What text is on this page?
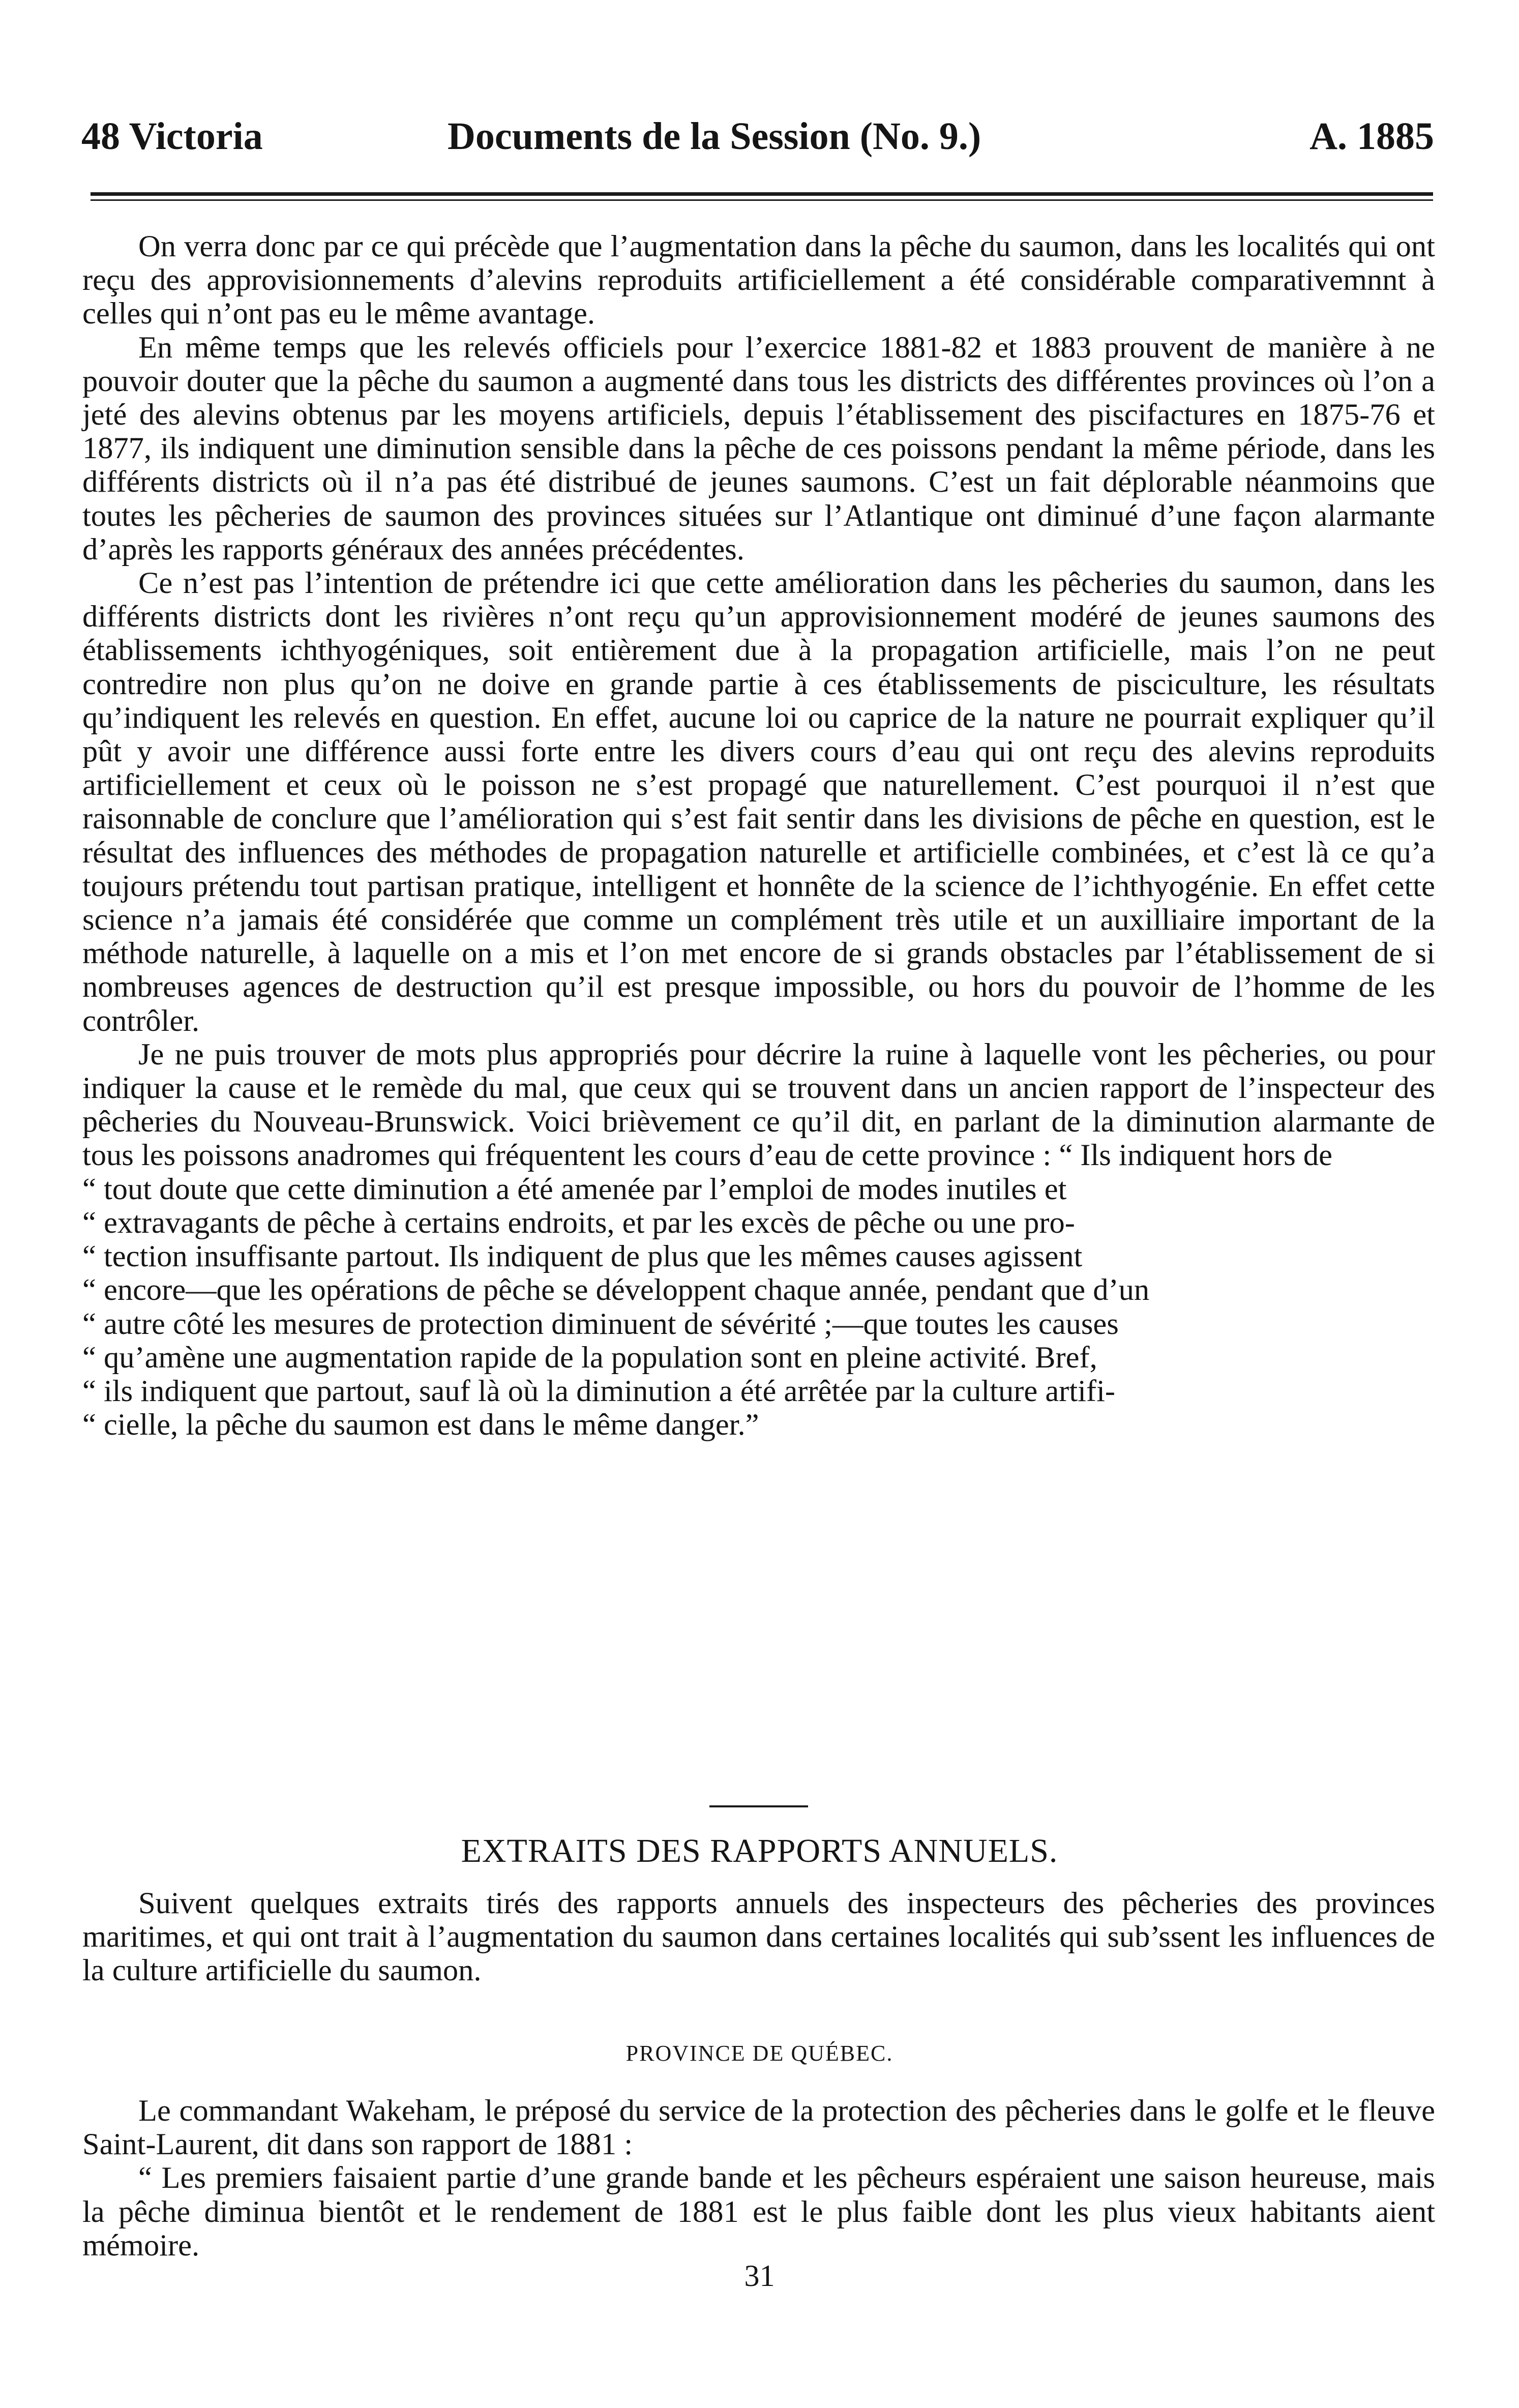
48 Victoria	Documents de la Session (No. 9.)	A. 1885

On verra donc par ce qui précède que l’augmentation dans la pêche du saumon, dans les localités qui ont reçu des approvisionnements d’alevins reproduits artificiellement a été considérable comparativemnnt à celles qui n’ont pas eu le même avantage.

En même temps que les relevés officiels pour l’exercice 1881-82 et 1883 prouvent de manière à ne pouvoir douter que la pêche du saumon a augmenté dans tous les districts des différentes provinces où l’on a jeté des alevins obtenus par les moyens artificiels, depuis l’établissement des piscifactures en 1875-76 et 1877, ils indiquent une diminution sensible dans la pêche de ces poissons pendant la même période, dans les différents districts où il n’a pas été distribué de jeunes saumons. C’est un fait déplorable néanmoins que toutes les pêcheries de saumon des provinces situées sur l’Atlantique ont diminué d’une façon alarmante d’après les rapports généraux des années précédentes.

Ce n’est pas l’intention de prétendre ici que cette amélioration dans les pêcheries du saumon, dans les différents districts dont les rivières n’ont reçu qu’un approvisionnement modéré de jeunes saumons des établissements ichthyogéniques, soit entièrement due à la propagation artificielle, mais l’on ne peut contredire non plus qu’on ne doive en grande partie à ces établissements de pisciculture, les résultats qu’indiquent les relevés en question. En effet, aucune loi ou caprice de la nature ne pourrait expliquer qu’il pût y avoir une différence aussi forte entre les divers cours d’eau qui ont reçu des alevins reproduits artificiellement et ceux où le poisson ne s’est propagé que naturellement. C’est pourquoi il n’est que raisonnable de conclure que l’amélioration qui s’est fait sentir dans les divisions de pêche en question, est le résultat des influences des méthodes de propagation naturelle et artificielle combinées, et c’est là ce qu’a toujours prétendu tout partisan pratique, intelligent et honnête de la science de l’ichthyogénie. En effet cette science n’a jamais été considérée que comme un complément très utile et un auxilliaire important de la méthode naturelle, à laquelle on a mis et l’on met encore de si grands obstacles par l’établissement de si nombreuses agences de destruction qu’il est presque impossible, ou hors du pouvoir de l’homme de les contrôler.

Je ne puis trouver de mots plus appropriés pour décrire la ruine à laquelle vont les pêcheries, ou pour indiquer la cause et le remède du mal, que ceux qui se trouvent dans un ancien rapport de l’inspecteur des pêcheries du Nouveau-Brunswick. Voici brièvement ce qu’il dit, en parlant de la diminution alarmante de tous les poissons anadromes qui fréquentent les cours d’eau de cette province : “ Ils indiquent hors de

“ tout doute que cette diminution a été amenée par l’emploi de modes inutiles et

“ extravagants de pêche à certains endroits, et par les excès de pêche ou une pro-

“ tection insuffisante partout. Ils indiquent de plus que les mêmes causes agissent

“ encore—que les opérations de pêche se développent chaque année, pendant que d’un

“ autre côté les mesures de protection diminuent de sévérité ;—que toutes les causes

“ qu’amène une augmentation rapide de la population sont en pleine activité. Bref,

“ ils indiquent que partout, sauf là où la diminution a été arrêtée par la culture artifi-

“ cielle, la pêche du saumon est dans le même danger.”

EXTRAITS DES RAPPORTS ANNUELS.

Suivent quelques extraits tirés des rapports annuels des inspecteurs des pêcheries des provinces maritimes, et qui ont trait à l’augmentation du saumon dans certaines localités qui sub’ssent les influences de la culture artificielle du saumon.

PROVINCE DE QUÉBEC.

Le commandant Wakeham, le préposé du service de la protection des pêcheries dans le golfe et le fleuve Saint-Laurent, dit dans son rapport de 1881 :

“ Les premiers faisaient partie d’une grande bande et les pêcheurs espéraient une saison heureuse, mais la pêche diminua bientôt et le rendement de 1881 est le plus faible dont les plus vieux habitants aient mémoire.

31
